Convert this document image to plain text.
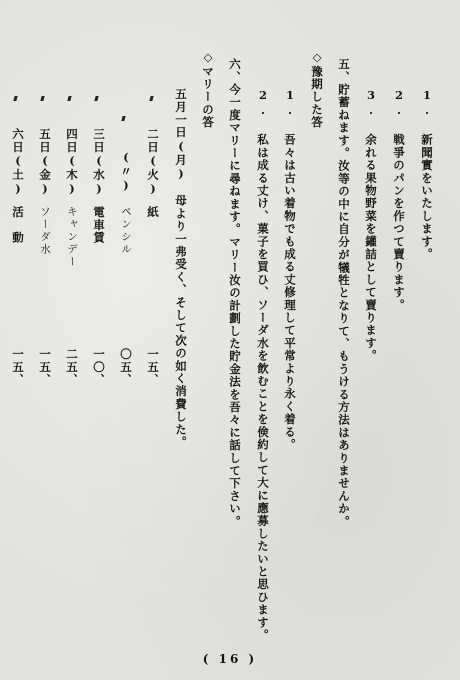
1. 新聞實をいたします。
2. 戦爭のパンを作つて賣ります。
3. 余れる果物野菜を鑵詰として賣ります。
五、貯蓄ねます。汝等の中に自分が犠牲となりて、もうける方法はありませんか。
◇豫期した答
1. 吾々は古い着物でも成る丈修理して平常より永く着る。
2. 私は成る丈け、菓子を買ひ、ソーダ水を飲むことを倹約して大に應募したいと思ひます。
六、今一度マリーに尋ねます。マリー汝の計劃した貯金法を吾々に話して下さい。
◇マリーの答
五月一日(月)　母より一弗受く、そして次の如く消費した。
二日(火)
紙
一五、
(〃)
ペンシル
〇五、
三日(水)
電車賃
一〇、
四日(木)
キャンデー
二五、
五日(金)
ソーダ水
一五、
六日(土)
活　動
一五、
( 16 )
